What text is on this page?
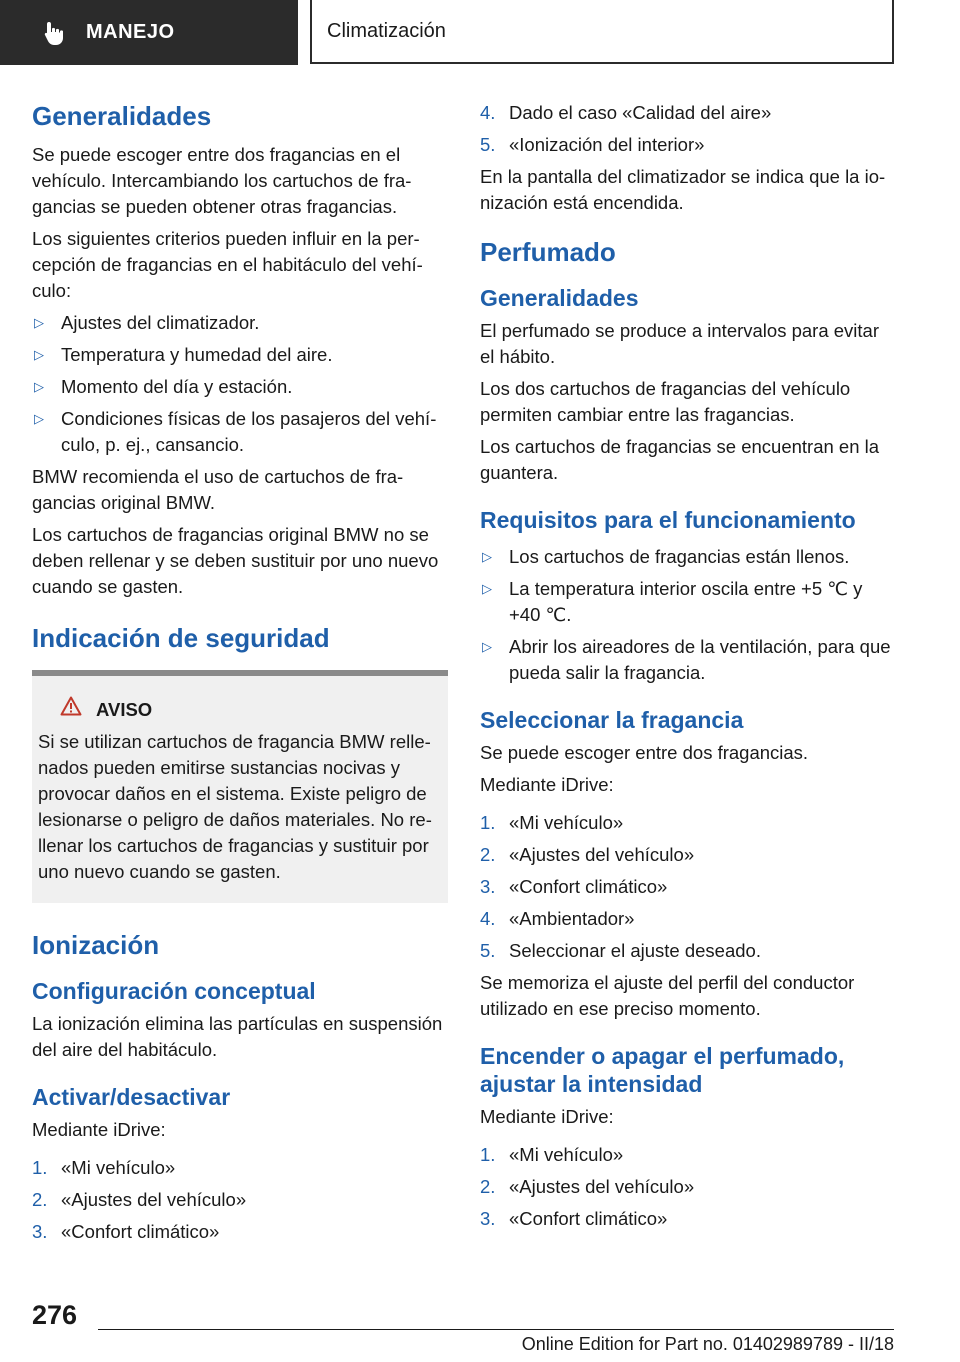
MANEJO	Climatización
Generalidades

Se puede escoger entre dos fragancias en el vehículo. Intercambiando los cartuchos de fragancias se pueden obtener otras fragancias.

Los siguientes criterios pueden influir en la percepción de fragancias en el habitáculo del vehículo:

▷ Ajustes del climatizador.
▷ Temperatura y humedad del aire.
▷ Momento del día y estación.
▷ Condiciones físicas de los pasajeros del vehículo, p. ej., cansancio.

BMW recomienda el uso de cartuchos de fragancias original BMW.

Los cartuchos de fragancias original BMW no se deben rellenar y se deben sustituir por uno nuevo cuando se gasten.

Indicación de seguridad
AVISO

Si se utilizan cartuchos de fragancia BMW rellenados pueden emitirse sustancias nocivas y provocar daños en el sistema. Existe peligro de lesionarse o peligro de daños materiales. No rellenar los cartuchos de fragancias y sustituir por uno nuevo cuando se gasten.

Ionización
Configuración conceptual

La ionización elimina las partículas en suspensión del aire del habitáculo.

Activar/desactivar

Mediante iDrive:

1. «Mi vehículo»
2. «Ajustes del vehículo»
3. «Confort climático»
4. Dado el caso «Calidad del aire»
5. «Ionización del interior»

En la pantalla del climatizador se indica que la ionización está encendida.

Perfumado
Generalidades

El perfumado se produce a intervalos para evitar el hábito.

Los dos cartuchos de fragancias del vehículo permiten cambiar entre las fragancias.

Los cartuchos de fragancias se encuentran en la guantera.

Requisitos para el funcionamiento
▷ Los cartuchos de fragancias están llenos.
▷ La temperatura interior oscila entre +5 ℃ y +40 ℃.
▷ Abrir los aireadores de la ventilación, para que pueda salir la fragancia.
Seleccionar la fragancia

Se puede escoger entre dos fragancias.

Mediante iDrive:

1. «Mi vehículo»
2. «Ajustes del vehículo»
3. «Confort climático»
4. «Ambientador»
5. Seleccionar el ajuste deseado.

Se memoriza el ajuste del perfil del conductor utilizado en ese preciso momento.

Encender o apagar el perfumado, ajustar la intensidad

Mediante iDrive:

1. «Mi vehículo»
2. «Ajustes del vehículo»
3. «Confort climático»
276
Online Edition for Part no. 01402989789 - II/18
